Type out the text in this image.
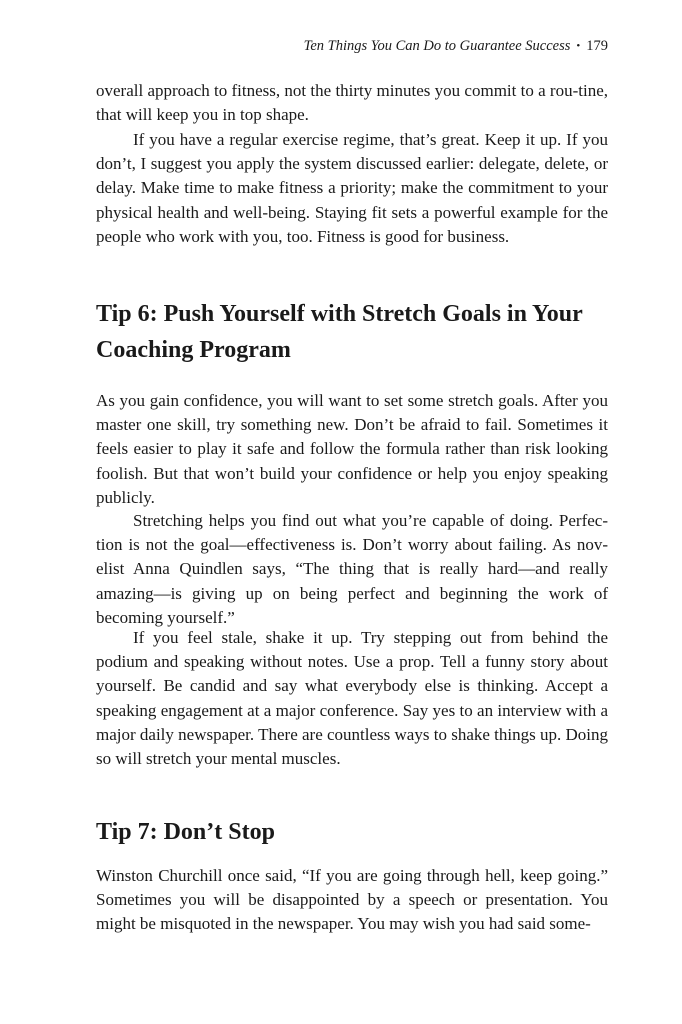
Ten Things You Can Do to Guarantee Success • 179

overall approach to fitness, not the thirty minutes you commit to a rou-tine, that will keep you in top shape.

If you have a regular exercise regime, that’s great. Keep it up. If you don’t, I suggest you apply the system discussed earlier: delegate, delete, or delay. Make time to make fitness a priority; make the commitment to your physical health and well-being. Staying fit sets a powerful example for the people who work with you, too. Fitness is good for business.

Tip 6: Push Yourself with Stretch Goals in Your Coaching Program

As you gain confidence, you will want to set some stretch goals. After you master one skill, try something new. Don’t be afraid to fail. Sometimes it feels easier to play it safe and follow the formula rather than risk looking foolish. But that won’t build your confidence or help you enjoy speaking publicly.

Stretching helps you find out what you’re capable of doing. Perfec-tion is not the goal—effectiveness is. Don’t worry about failing. As nov-elist Anna Quindlen says, “The thing that is really hard—and really amazing—is giving up on being perfect and beginning the work of becoming yourself.”

If you feel stale, shake it up. Try stepping out from behind the podium and speaking without notes. Use a prop. Tell a funny story about yourself. Be candid and say what everybody else is thinking. Accept a speaking engagement at a major conference. Say yes to an interview with a major daily newspaper. There are countless ways to shake things up. Doing so will stretch your mental muscles.

Tip 7: Don’t Stop

Winston Churchill once said, “If you are going through hell, keep going.” Sometimes you will be disappointed by a speech or presentation. You might be misquoted in the newspaper. You may wish you had said some-
